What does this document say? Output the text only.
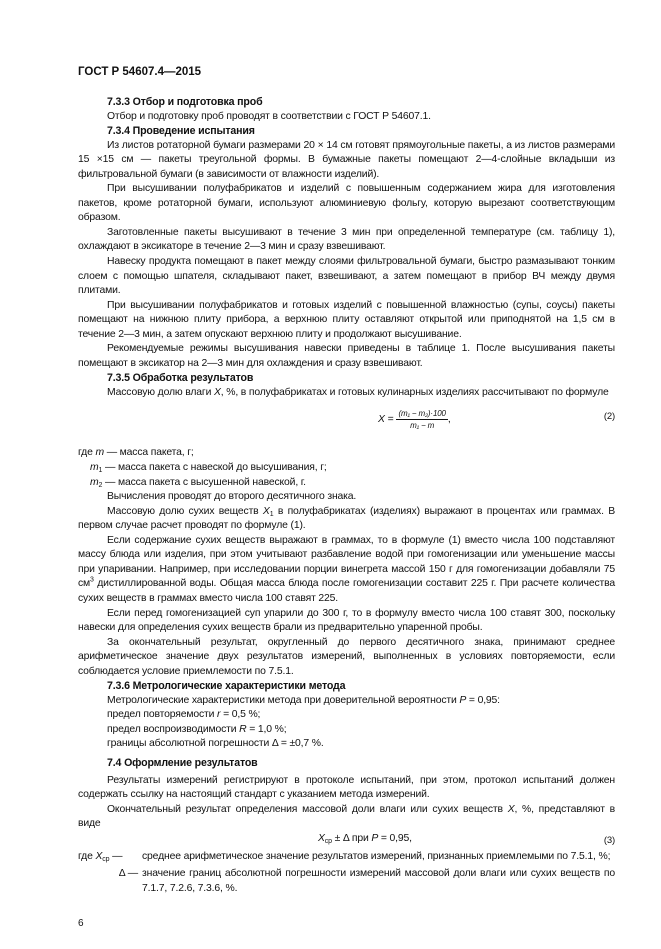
ГОСТ Р 54607.4—2015
7.3.3 Отбор и подготовка проб

Отбор и подготовку проб проводят в соответствии с ГОСТ Р 54607.1.

7.3.4 Проведение испытания

Из листов ротаторной бумаги размерами 20 × 14 см готовят прямоугольные пакеты, а из листов размерами 15 ×15 см — пакеты треугольной формы. В бумажные пакеты помещают 2—4-слойные вкладыши из фильтровальной бумаги (в зависимости от влажности изделий).

При высушивании полуфабрикатов и изделий с повышенным содержанием жира для изготовления пакетов, кроме ротаторной бумаги, используют алюминиевую фольгу, которую вырезают соответствующим образом.

Заготовленные пакеты высушивают в течение 3 мин при определенной температуре (см. таблицу 1), охлаждают в эксикаторе в течение 2—3 мин и сразу взвешивают.

Навеску продукта помещают в пакет между слоями фильтровальной бумаги, быстро размазывают тонким слоем с помощью шпателя, складывают пакет, взвешивают, а затем помещают в прибор ВЧ между двумя плитами.

При высушивании полуфабрикатов и готовых изделий с повышенной влажностью (супы, соусы) пакеты помещают на нижнюю плиту прибора, а верхнюю плиту оставляют открытой или приподнятой на 1,5 см в течение 2—3 мин, а затем опускают верхнюю плиту и продолжают высушивание.

Рекомендуемые режимы высушивания навески приведены в таблице 1. После высушивания пакеты помещают в эксикатор на 2—3 мин для охлаждения и сразу взвешивают.

7.3.5 Обработка результатов

Массовую долю влаги X, %, в полуфабрикатах и готовых кулинарных изделиях рассчитывают по формуле

$X = \frac{\text{(m₁ − m₂)·100}}{\text{m₁ − m}}$ ,	(2)

где m — масса пакета, г;

$m_1$ — масса пакета с навеской до высушивания, г;

$m_2$ — масса пакета с высушенной навеской, г.

Вычисления проводят до второго десятичного знака.

Массовую долю сухих веществ $X_1$ в полуфабрикатах (изделиях) выражают в процентах или граммах. В первом случае расчет проводят по формуле (1).

Если содержание сухих веществ выражают в граммах, то в формуле (1) вместо числа 100 подставляют массу блюда или изделия, при этом учитывают разбавление водой при гомогенизации или уменьшение массы при упаривании. Например, при исследовании порции винегрета массой 150 г для гомогенизации добавляли 75 $см^3$ дистиллированной воды. Общая масса блюда после гомогенизации составит 225 г. При расчете количества сухих веществ в граммах вместо числа 100 ставят 225.

Если перед гомогенизацией суп упарили до 300 г, то в формулу вместо числа 100 ставят 300, поскольку навески для определения сухих веществ брали из предварительно упаренной пробы.

За окончательный результат, округленный до первого десятичного знака, принимают среднее арифметическое значение двух результатов измерений, выполненных в условиях повторяемости, если соблюдается условие приемлемости по 7.5.1.

7.3.6 Метрологические характеристики метода

Метрологические характеристики метода при доверительной вероятности P = 0,95:

предел повторяемости r = 0,5 %;

предел воспроизводимости R = 1,0 %;

границы абсолютной погрешности Δ = ±0,7 %.

7.4 Оформление результатов

Результаты измерений регистрируют в протоколе испытаний, при этом, протокол испытаний должен содержать ссылку на настоящий стандарт с указанием метода измерений.

Окончательный результат определения массовой доли влаги или сухих веществ X, %, представляют в виде

$X_{ср} \pm \Delta$ при P = 0,95,	(3)
где $X_{ср}$ —	среднее арифметическое значение результатов измерений, признанных приемлемыми по 7.5.1, %;
Δ — значение границ абсолютной погрешности измерений массовой доли влаги или сухих веществ по 7.1.7, 7.2.6, 7.3.6, %.
6
